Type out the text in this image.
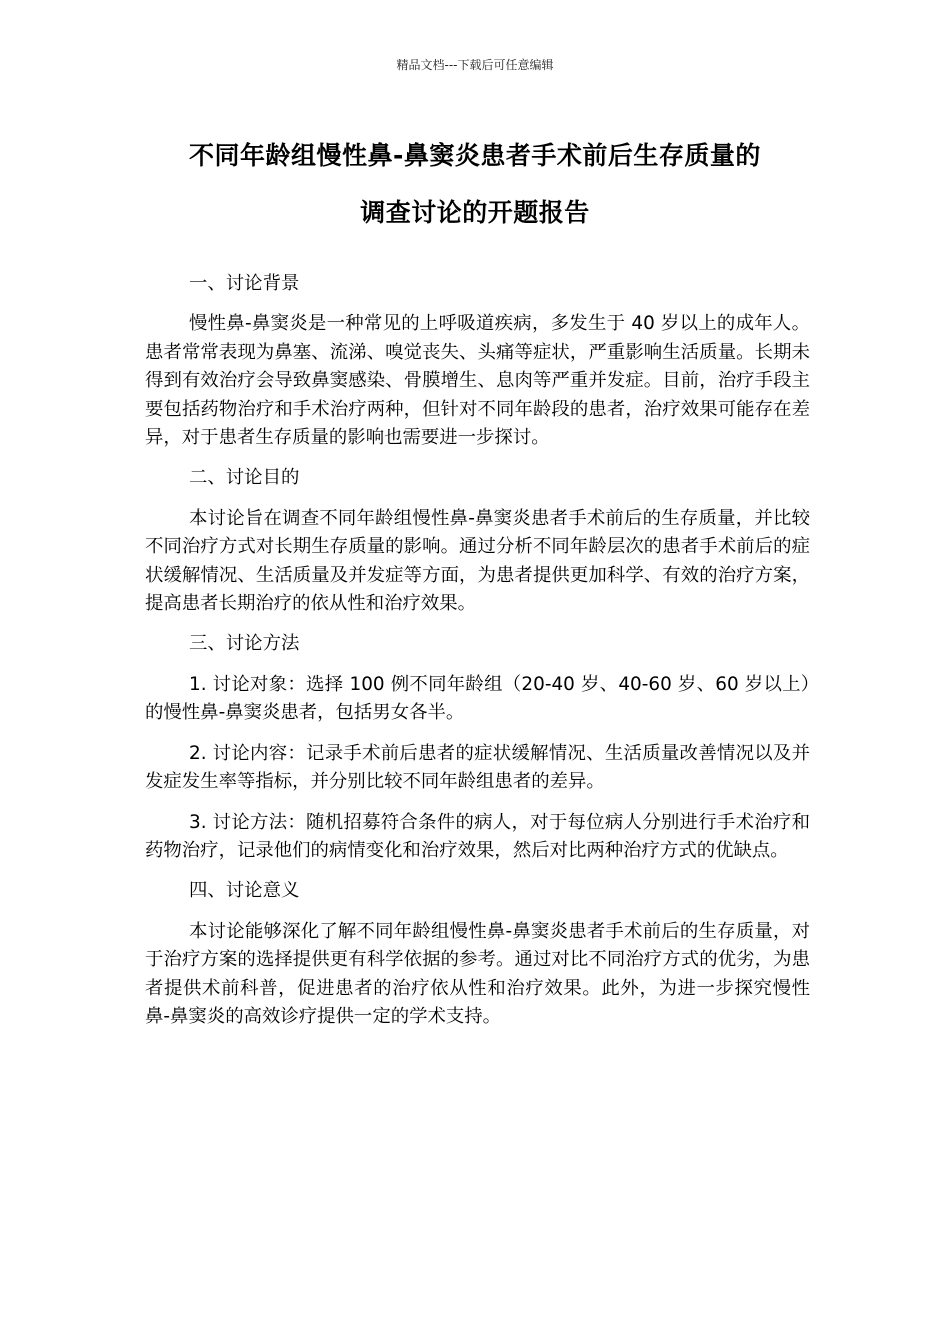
精品文档---下载后可任意编辑
不同年龄组慢性鼻-鼻窦炎患者手术前后生存质量的
调查讨论的开题报告
一、讨论背景

慢性鼻-鼻窦炎是一种常见的上呼吸道疾病，多发生于 40 岁以上的成年人。患者常常表现为鼻塞、流涕、嗅觉丧失、头痛等症状，严重影响生活质量。长期未得到有效治疗会导致鼻窦感染、骨膜增生、息肉等严重并发症。目前，治疗手段主要包括药物治疗和手术治疗两种，但针对不同年龄段的患者，治疗效果可能存在差异，对于患者生存质量的影响也需要进一步探讨。

二、讨论目的

本讨论旨在调查不同年龄组慢性鼻-鼻窦炎患者手术前后的生存质量，并比较不同治疗方式对长期生存质量的影响。通过分析不同年龄层次的患者手术前后的症状缓解情况、生活质量及并发症等方面，为患者提供更加科学、有效的治疗方案，提高患者长期治疗的依从性和治疗效果。

三、讨论方法

1. 讨论对象：选择 100 例不同年龄组（20-40 岁、40-60 岁、60 岁以上）的慢性鼻-鼻窦炎患者，包括男女各半。

2. 讨论内容：记录手术前后患者的症状缓解情况、生活质量改善情况以及并发症发生率等指标，并分别比较不同年龄组患者的差异。

3. 讨论方法：随机招募符合条件的病人，对于每位病人分别进行手术治疗和药物治疗，记录他们的病情变化和治疗效果，然后对比两种治疗方式的优缺点。

四、讨论意义

本讨论能够深化了解不同年龄组慢性鼻-鼻窦炎患者手术前后的生存质量，对于治疗方案的选择提供更有科学依据的参考。通过对比不同治疗方式的优劣，为患者提供术前科普，促进患者的治疗依从性和治疗效果。此外，为进一步探究慢性鼻-鼻窦炎的高效诊疗提供一定的学术支持。
